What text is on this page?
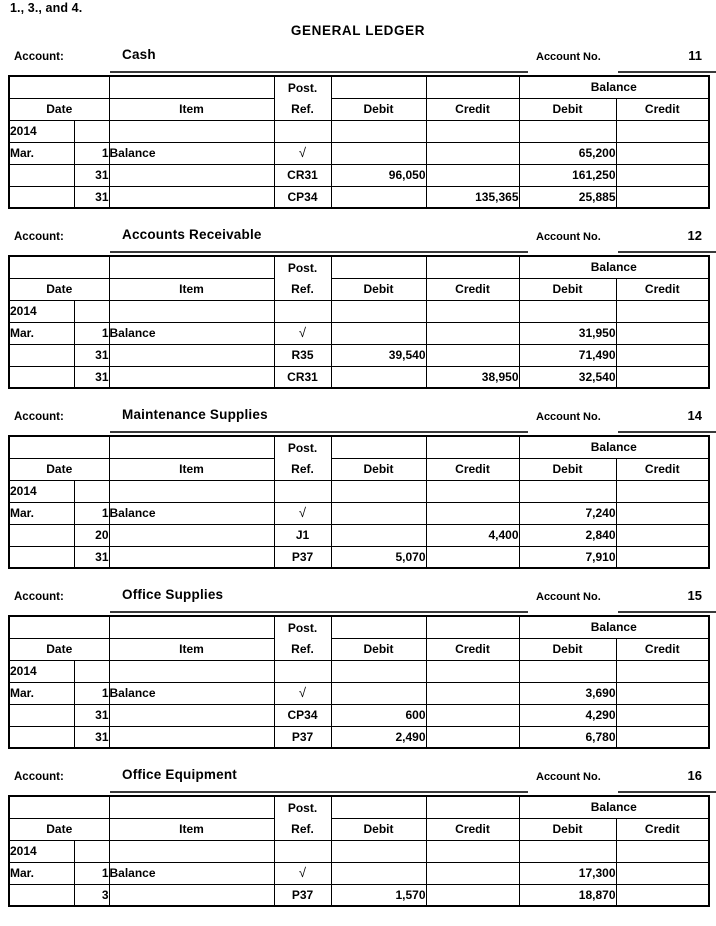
1., 3., and 4.
GENERAL LEDGER
Account:	Cash	Account No.	11
			Post.			Balance	
Date		Item	Ref.	Debit	Credit	Debit	Credit
2014							
Mar.	1	Balance	√			65,200	
	31		CR31	96,050		161,250	
	31		CP34		135,365	25,885	
Account:	Accounts Receivable	Account No.	12
			Post.			Balance	
Date		Item	Ref.	Debit	Credit	Debit	Credit
2014							
Mar.	1	Balance	√			31,950	
	31		R35	39,540		71,490	
	31		CR31		38,950	32,540	
Account:	Maintenance Supplies	Account No.	14
			Post.			Balance	
Date		Item	Ref.	Debit	Credit	Debit	Credit
2014							
Mar.	1	Balance	√			7,240	
	20		J1		4,400	2,840	
	31		P37	5,070		7,910	
Account:	Office Supplies	Account No.	15
			Post.			Balance	
Date		Item	Ref.	Debit	Credit	Debit	Credit
2014							
Mar.	1	Balance	√			3,690	
	31		CP34	600		4,290	
	31		P37	2,490		6,780	
Account:	Office Equipment	Account No.	16
			Post.			Balance	
Date		Item	Ref.	Debit	Credit	Debit	Credit
2014							
Mar.	1	Balance	√			17,300	
	3		P37	1,570		18,870	
